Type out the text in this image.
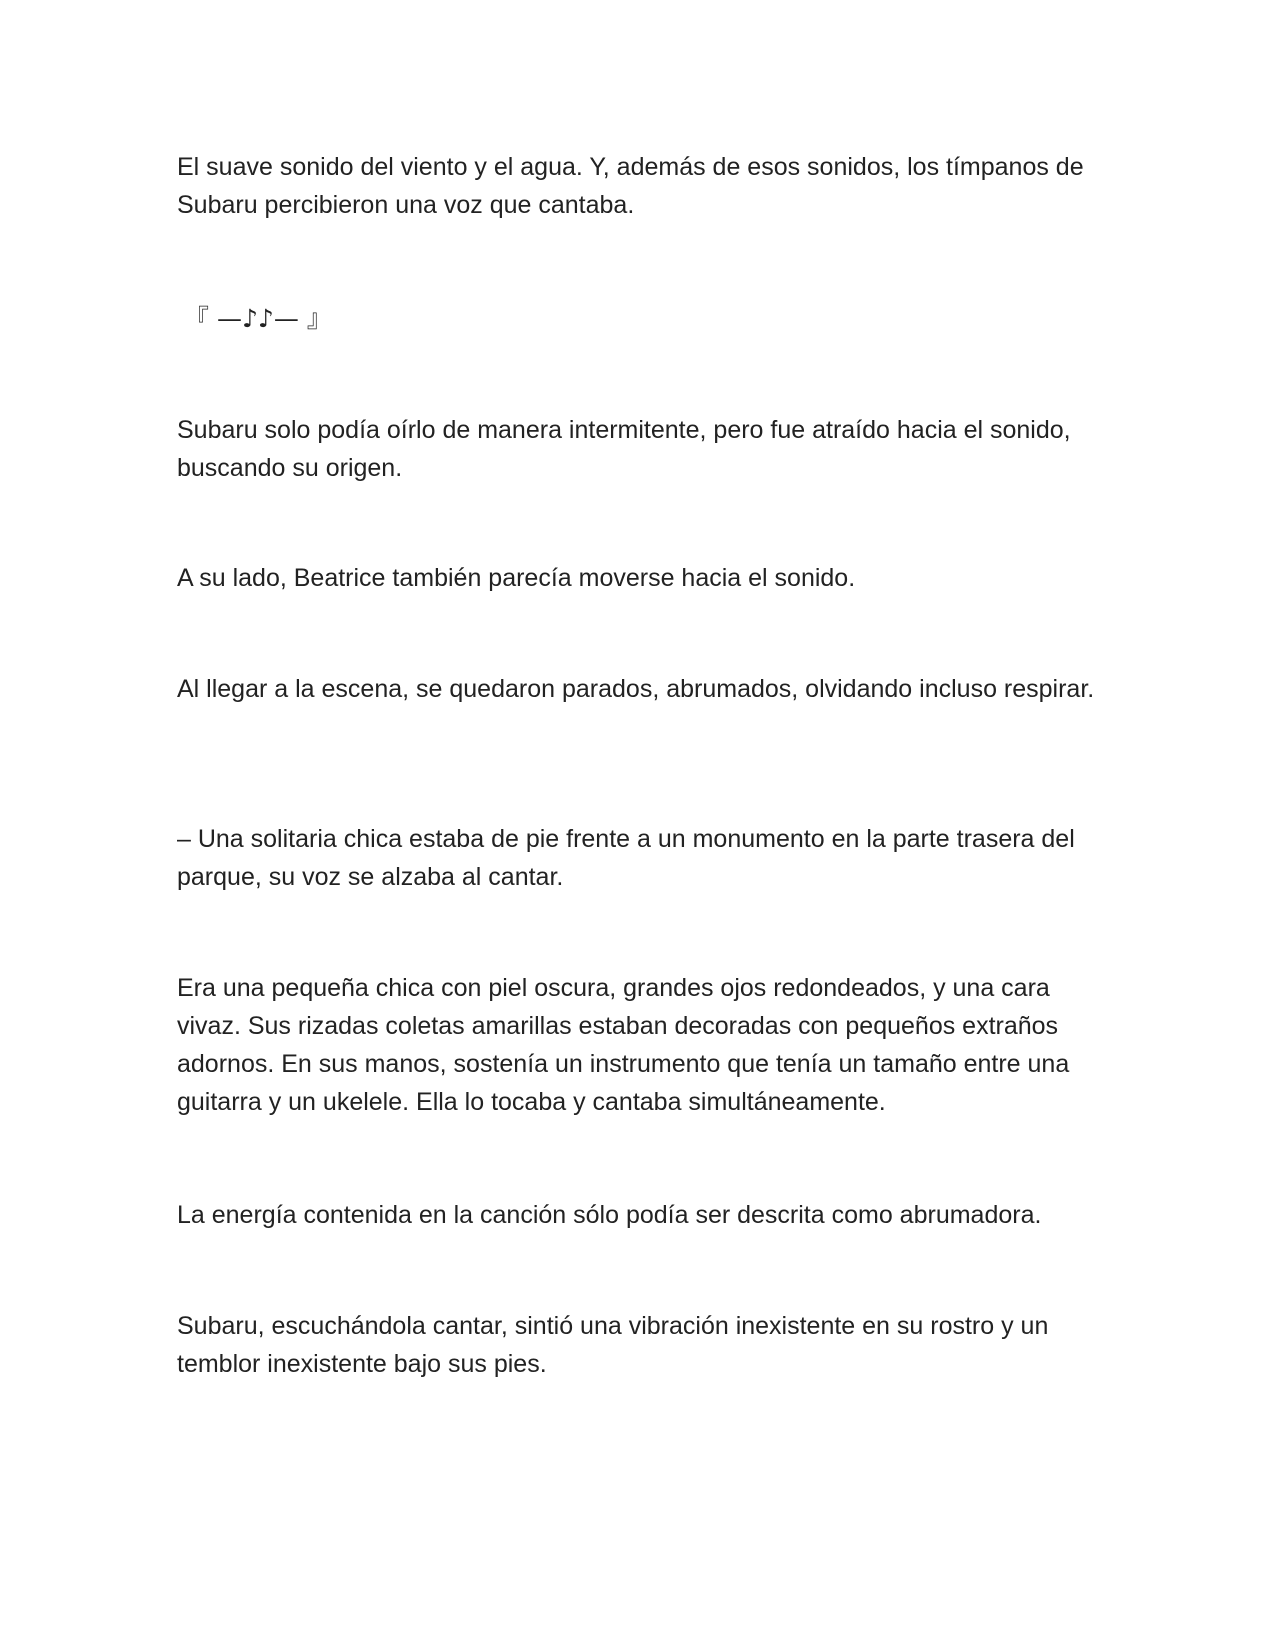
El suave sonido del viento y el agua. Y, además de esos sonidos, los tímpanos de Subaru percibieron una voz que cantaba.

『 —♪♪— 』

Subaru solo podía oírlo de manera intermitente, pero fue atraído hacia el sonido, buscando su origen.

A su lado, Beatrice también parecía moverse hacia el sonido.

Al llegar a la escena, se quedaron parados, abrumados, olvidando incluso respirar.

– Una solitaria chica estaba de pie frente a un monumento en la parte trasera del parque, su voz se alzaba al cantar.

Era una pequeña chica con piel oscura, grandes ojos redondeados, y una cara vivaz. Sus rizadas coletas amarillas estaban decoradas con pequeños extraños adornos. En sus manos, sostenía un instrumento que tenía un tamaño entre una guitarra y un ukelele. Ella lo tocaba y cantaba simultáneamente.

La energía contenida en la canción sólo podía ser descrita como abrumadora.

Subaru, escuchándola cantar, sintió una vibración inexistente en su rostro y un temblor inexistente bajo sus pies.
